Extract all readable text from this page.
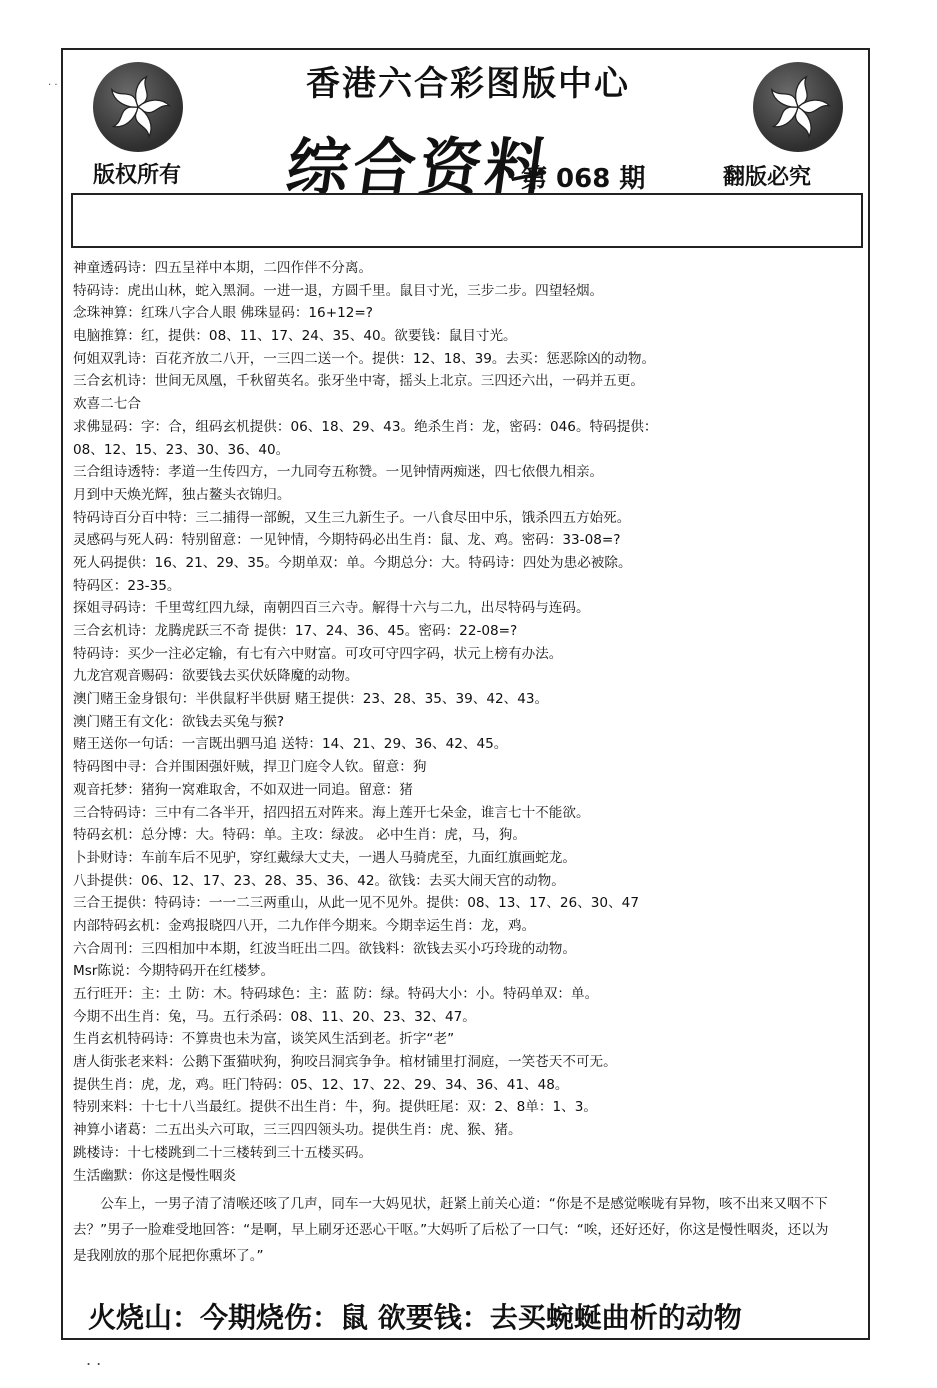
· ·	香港六合彩图版中心
综合资料
第 068 期
版权所有	翻版必究
神童透码诗：四五呈祥中本期，二四作伴不分离。
特码诗：虎出山林，蛇入黑洞。一进一退，方圆千里。鼠目寸光，三步二步。四望轻烟。
念珠神算：红珠八字合人眼 佛珠显码：16+12=?
电脑推算：红，提供：08、11、17、24、35、40。欲要钱：鼠目寸光。
何姐双乳诗：百花齐放二八开，一三四二送一个。提供：12、18、39。去买：惩恶除凶的动物。
三合玄机诗：世间无凤凰，千秋留英名。张牙坐中寄，摇头上北京。三四还六出，一码并五更。
欢喜二七合
求佛显码：字：合，组码玄机提供：06、18、29、43。绝杀生肖：龙，密码：046。特码提供：
08、12、15、23、30、36、40。
三合组诗透特：孝道一生传四方，一九同夸五称赞。一见钟情两痴迷，四七依偎九相亲。
月到中天焕光辉，独占鳌头衣锦归。
特码诗百分百中特：三二捕得一部鲵，又生三九新生子。一八食尽田中乐，饿杀四五方始死。
灵感码与死人码：特别留意：一见钟情，今期特码必出生肖：鼠、龙、鸡。密码：33-08=?
死人码提供：16、21、29、35。今期单双：单。今期总分：大。特码诗：四处为患必被除。
特码区：23-35。
探姐寻码诗：千里莺红四九绿，南朝四百三六寺。解得十六与二九，出尽特码与连码。
三合玄机诗：龙腾虎跃三不奇 提供：17、24、36、45。密码：22-08=?
特码诗：买少一注必定输，有七有六中财富。可攻可守四字码，状元上榜有办法。
九龙宫观音赐码：欲要钱去买伏妖降魔的动物。
澳门赌王金身银句：半供鼠籽半供厨 赌王提供：23、28、35、39、42、43。
澳门赌王有文化：欲钱去买兔与猴?
赌王送你一句话：一言既出驷马追 送特：14、21、29、36、42、45。
特码图中寻：合并围困强奸贼，捍卫门庭令人钦。留意：狗
观音托梦：猪狗一窝难取舍，不如双进一同追。留意：猪
三合特码诗：三中有二各半开，招四招五对阵来。海上莲开七朵金，谁言七十不能欲。
特码玄机：总分博：大。特码：单。主攻：绿波。 必中生肖：虎，马，狗。
卜卦财诗：车前车后不见驴，穿红戴绿大丈夫，一遇人马骑虎至，九面红旗画蛇龙。
八卦提供：06、12、17、23、28、35、36、42。欲钱：去买大闹天宫的动物。
三合王提供：特码诗：一一二三两重山，从此一见不见外。提供：08、13、17、26、30、47
内部特码玄机：金鸡报晓四八开，二九作伴今期来。今期幸运生肖：龙，鸡。
六合周刊：三四相加中本期，红波当旺出二四。欲钱料：欲钱去买小巧玲珑的动物。
Msr陈说：今期特码开在红楼梦。
五行旺开：主：土 防：木。特码球色：主：蓝 防：绿。特码大小：小。特码单双：单。
今期不出生肖：兔，马。五行杀码：08、11、20、23、32、47。
生肖玄机特码诗：不算贵也未为富，谈笑风生活到老。折字“老”
唐人街张老来料：公鹅下蛋猫吠狗，狗咬吕洞宾争争。棺材铺里打洞庭，一笑苍天不可无。
提供生肖：虎，龙，鸡。旺门特码：05、12、17、22、29、34、36、41、48。
特别来料：十七十八当最红。提供不出生肖：牛，狗。提供旺尾：双：2、8单：1、3。
神算小诸葛：二五出头六可取，三三四四领头功。提供生肖：虎、猴、猪。
跳楼诗：十七楼跳到二十三楼转到三十五楼买码。
生活幽默：你这是慢性咽炎
公车上，一男子清了清喉还咳了几声，同车一大妈见状，赶紧上前关心道：“你是不是感觉喉咙有异物，咳不出来又咽不下去？”男子一脸难受地回答：“是啊，早上刷牙还恶心干呕。”大妈听了后松了一口气：“唉，还好还好，你这是慢性咽炎，还以为是我刚放的那个屁把你熏坏了。”
火烧山：今期烧伤：鼠 欲要钱：去买蜿蜒曲析的动物
. .
